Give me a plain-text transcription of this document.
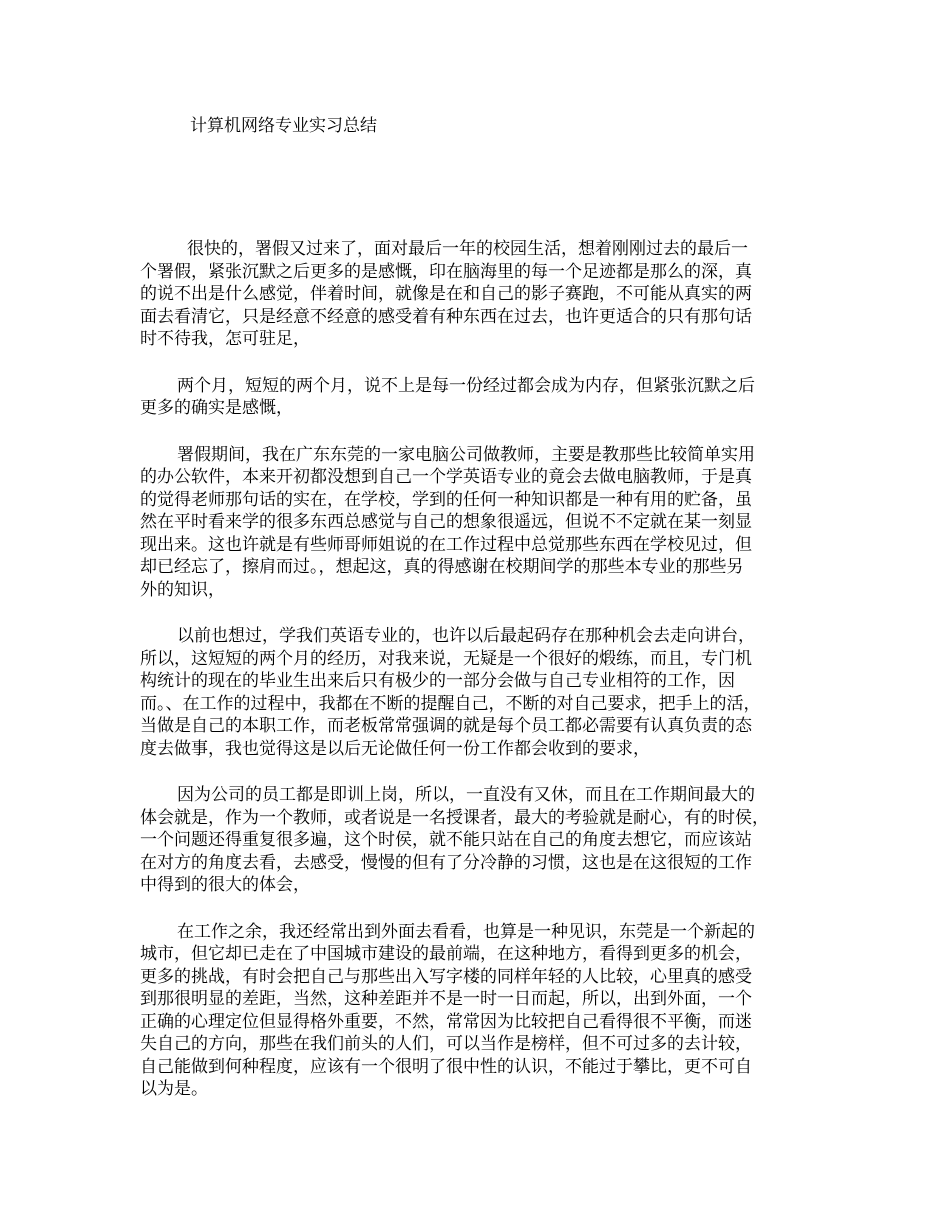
计算机网络专业实习总结

很快的，署假又过来了，面对最后一年的校园生活，想着刚刚过去的最后一
个署假，紧张沉默之后更多的是感慨，印在脑海里的每一个足迹都是那么的深，真
的说不出是什么感觉，伴着时间，就像是在和自己的影子赛跑，不可能从真实的两
面去看清它，只是经意不经意的感受着有种东西在过去，也许更适合的只有那句话
时不待我，怎可驻足，

两个月，短短的两个月，说不上是每一份经过都会成为内存，但紧张沉默之后
更多的确实是感慨，

署假期间，我在广东东莞的一家电脑公司做教师，主要是教那些比较简单实用
的办公软件，本来开初都没想到自己一个学英语专业的竟会去做电脑教师，于是真
的觉得老师那句话的实在，在学校，学到的任何一种知识都是一种有用的贮备，虽
然在平时看来学的很多东西总感觉与自己的想象很遥远，但说不不定就在某一刻显
现出来。这也许就是有些师哥师姐说的在工作过程中总觉那些东西在学校见过，但
却已经忘了，擦肩而过。，想起这，真的得感谢在校期间学的那些本专业的那些另
外的知识，

以前也想过，学我们英语专业的，也许以后最起码存在那种机会去走向讲台，
所以，这短短的两个月的经历，对我来说，无疑是一个很好的煅练，而且，专门机
构统计的现在的毕业生出来后只有极少的一部分会做与自己专业相符的工作，因
而。、在工作的过程中，我都在不断的提醒自己，不断的对自己要求，把手上的活，
当做是自己的本职工作，而老板常常强调的就是每个员工都必需要有认真负责的态
度去做事，我也觉得这是以后无论做任何一份工作都会收到的要求，

因为公司的员工都是即训上岗，所以，一直没有又休，而且在工作期间最大的
体会就是，作为一个教师，或者说是一名授课者，最大的考验就是耐心，有的时侯，
一个问题还得重复很多遍，这个时侯，就不能只站在自己的角度去想它，而应该站
在对方的角度去看，去感受，慢慢的但有了分冷静的习惯，这也是在这很短的工作
中得到的很大的体会，

在工作之余，我还经常出到外面去看看，也算是一种见识，东莞是一个新起的
城市，但它却已走在了中国城市建设的最前端，在这种地方，看得到更多的机会，
更多的挑战，有时会把自己与那些出入写字楼的同样年轻的人比较，心里真的感受
到那很明显的差距，当然，这种差距并不是一时一日而起，所以，出到外面，一个
正确的心理定位但显得格外重要，不然，常常因为比较把自己看得很不平衡，而迷
失自己的方向，那些在我们前头的人们，可以当作是榜样，但不可过多的去计较，
自己能做到何种程度，应该有一个很明了很中性的认识，不能过于攀比，更不可自
以为是。
